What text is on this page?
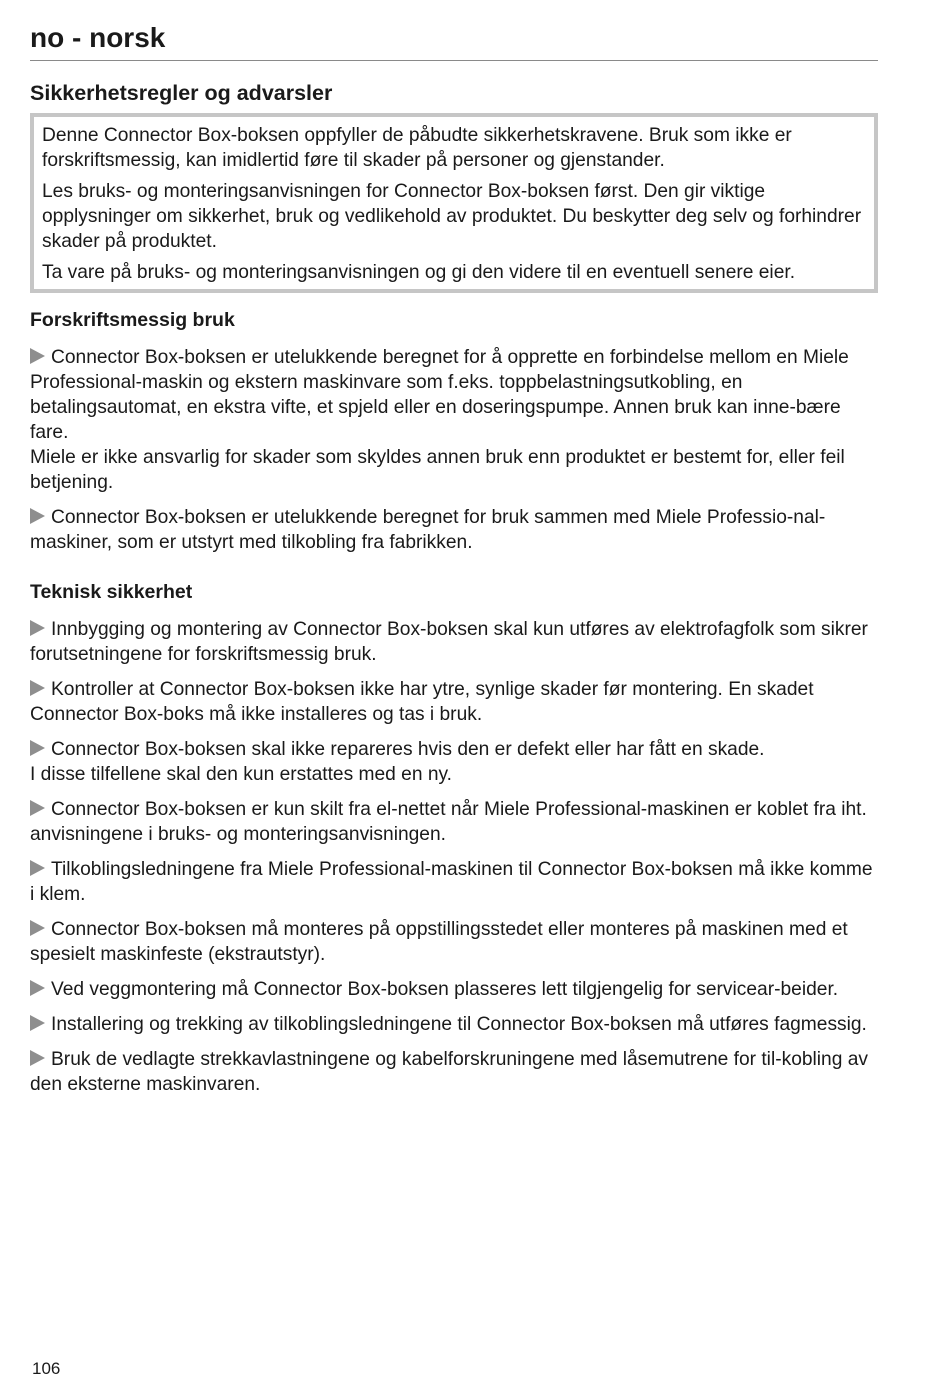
no - norsk
Sikkerhetsregler og advarsler

Denne Connector Box-boksen oppfyller de påbudte sikkerhetskravene. Bruk som ikke er forskriftsmessig, kan imidlertid føre til skader på personer og gjenstander.

Les bruks- og monteringsanvisningen for Connector Box-boksen først. Den gir viktige opplysninger om sikkerhet, bruk og vedlikehold av produktet. Du beskytter deg selv og forhindrer skader på produktet.

Ta vare på bruks- og monteringsanvisningen og gi den videre til en eventuell senere eier.

Forskriftsmessig bruk
Connector Box-boksen er utelukkende beregnet for å opprette en forbindelse mellom en Miele Professional-maskin og ekstern maskinvare som f.eks. toppbelastningsutkobling, en betalingsautomat, en ekstra vifte, et spjeld eller en doseringspumpe. Annen bruk kan inne-bære fare.
Miele er ikke ansvarlig for skader som skyldes annen bruk enn produktet er bestemt for, eller feil betjening.
Connector Box-boksen er utelukkende beregnet for bruk sammen med Miele Professio-nal-maskiner, som er utstyrt med tilkobling fra fabrikken.
Teknisk sikkerhet
Innbygging og montering av Connector Box-boksen skal kun utføres av elektrofagfolk som sikrer forutsetningene for forskriftsmessig bruk.
Kontroller at Connector Box-boksen ikke har ytre, synlige skader før montering. En skadet Connector Box-boks må ikke installeres og tas i bruk.
Connector Box-boksen skal ikke repareres hvis den er defekt eller har fått en skade.
I disse tilfellene skal den kun erstattes med en ny.
Connector Box-boksen er kun skilt fra el-nettet når Miele Professional-maskinen er koblet fra iht. anvisningene i bruks- og monteringsanvisningen.
Tilkoblingsledningene fra Miele Professional-maskinen til Connector Box-boksen må ikke komme i klem.
Connector Box-boksen må monteres på oppstillingsstedet eller monteres på maskinen med et spesielt maskinfeste (ekstrautstyr).
Ved veggmontering må Connector Box-boksen plasseres lett tilgjengelig for servicear-beider.
Installering og trekking av tilkoblingsledningene til Connector Box-boksen må utføres fagmessig.
Bruk de vedlagte strekkavlastningene og kabelforskruningene med låsemutrene for til-kobling av den eksterne maskinvaren.
106
